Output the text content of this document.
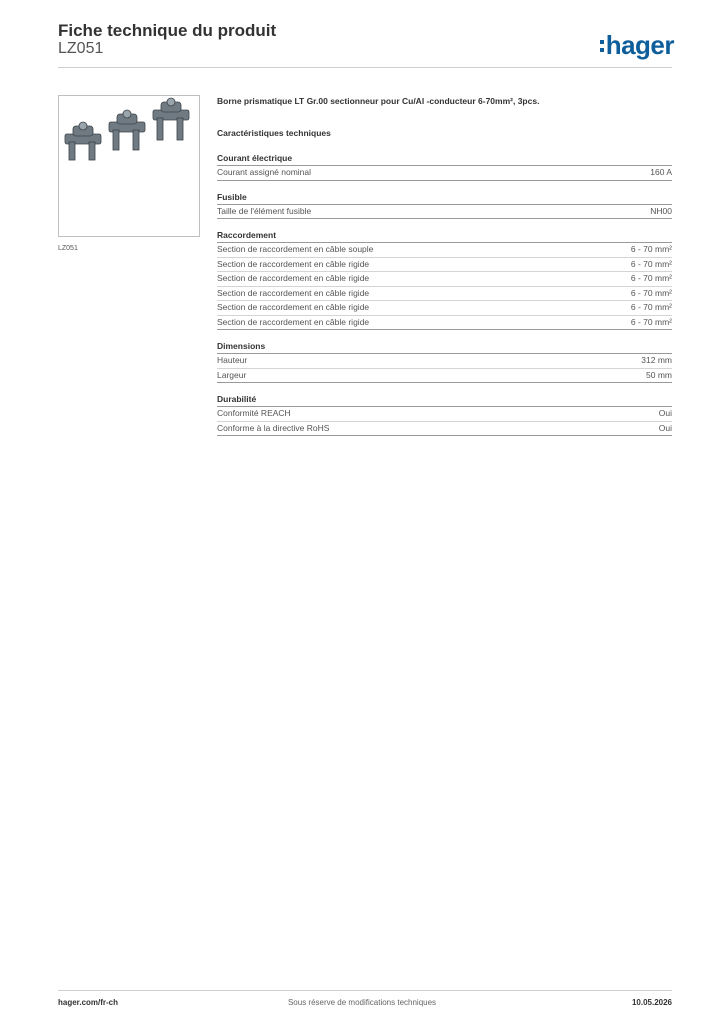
Fiche technique du produit
LZ051	hager
LZ051
Borne prismatique LT Gr.00 sectionneur pour Cu/Al -conducteur 6-70mm², 3pcs.
Caractéristiques techniques
Courant électrique
Courant assigné nominal	160 A
Fusible
Taille de l'élément fusible	NH00
Raccordement
Section de raccordement en câble souple	6 - 70 mm²
Section de raccordement en câble rigide	6 - 70 mm²
Section de raccordement en câble rigide	6 - 70 mm²
Section de raccordement en câble rigide	6 - 70 mm²
Section de raccordement en câble rigide	6 - 70 mm²
Section de raccordement en câble rigide	6 - 70 mm²
Dimensions
Hauteur	312 mm
Largeur	50 mm
Durabilité
Conformité REACH	Oui
Conforme à la directive RoHS	Oui
hager.com/fr-ch	Sous réserve de modifications techniques	10.05.2026
